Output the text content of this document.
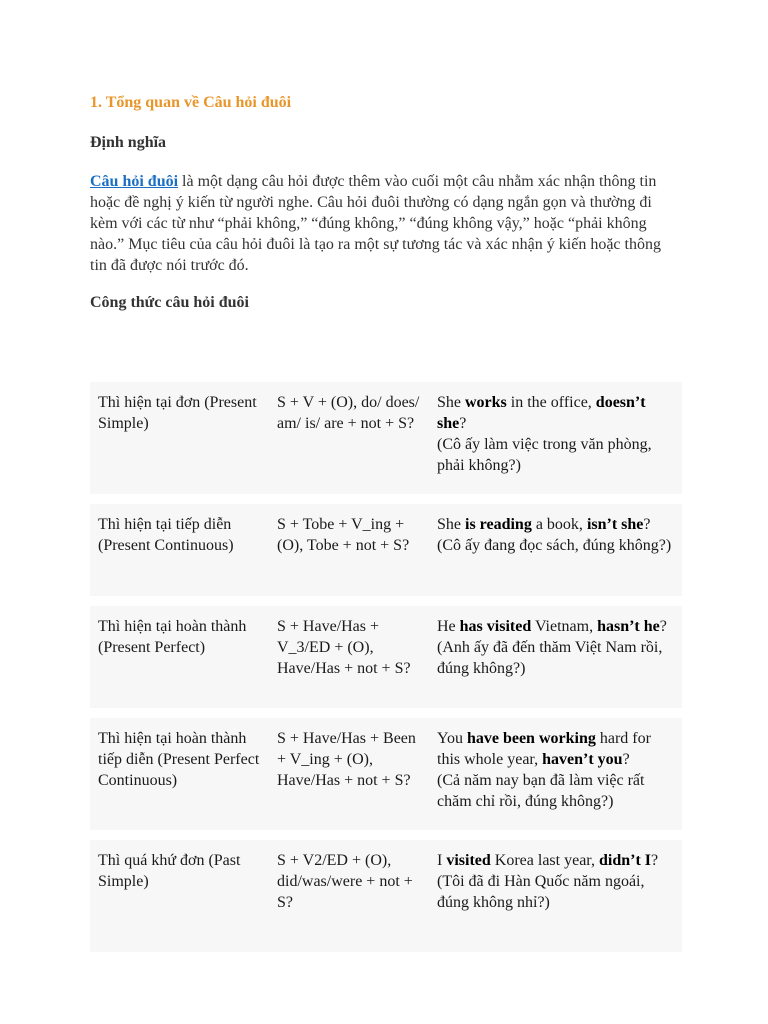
1. Tổng quan về Câu hỏi đuôi
Định nghĩa
Câu hỏi đuôi là một dạng câu hỏi được thêm vào cuối một câu nhằm xác nhận thông tin hoặc đề nghị ý kiến từ người nghe. Câu hỏi đuôi thường có dạng ngắn gọn và thường đi kèm với các từ như “phải không,” “đúng không,” “đúng không vậy,” hoặc “phải không nào.” Mục tiêu của câu hỏi đuôi là tạo ra một sự tương tác và xác nhận ý kiến hoặc thông tin đã được nói trước đó.
Công thức câu hỏi đuôi
Thì hiện tại đơn (Present Simple)	S + V + (O), do/ does/ am/ is/ are + not + S?	She works in the office, doesn’t she?
(Cô ấy làm việc trong văn phòng, phải không?)
Thì hiện tại tiếp diễn (Present Continuous)	S + Tobe + V_ing + (O), Tobe + not + S?	She is reading a book, isn’t she?
(Cô ấy đang đọc sách, đúng không?)
Thì hiện tại hoàn thành (Present Perfect)	S + Have/Has + V_3/ED + (O), Have/Has + not + S?	He has visited Vietnam, hasn’t he?
(Anh ấy đã đến thăm Việt Nam rồi, đúng không?)
Thì hiện tại hoàn thành tiếp diễn (Present Perfect Continuous)	S + Have/Has + Been + V_ing + (O), Have/Has + not + S?	You have been working hard for this whole year, haven’t you?
(Cả năm nay bạn đã làm việc rất chăm chỉ rồi, đúng không?)
Thì quá khứ đơn (Past Simple)	S + V2/ED + (O), did/was/were + not + S?	I visited Korea last year, didn’t I?
(Tôi đã đi Hàn Quốc năm ngoái, đúng không nhỉ?)
